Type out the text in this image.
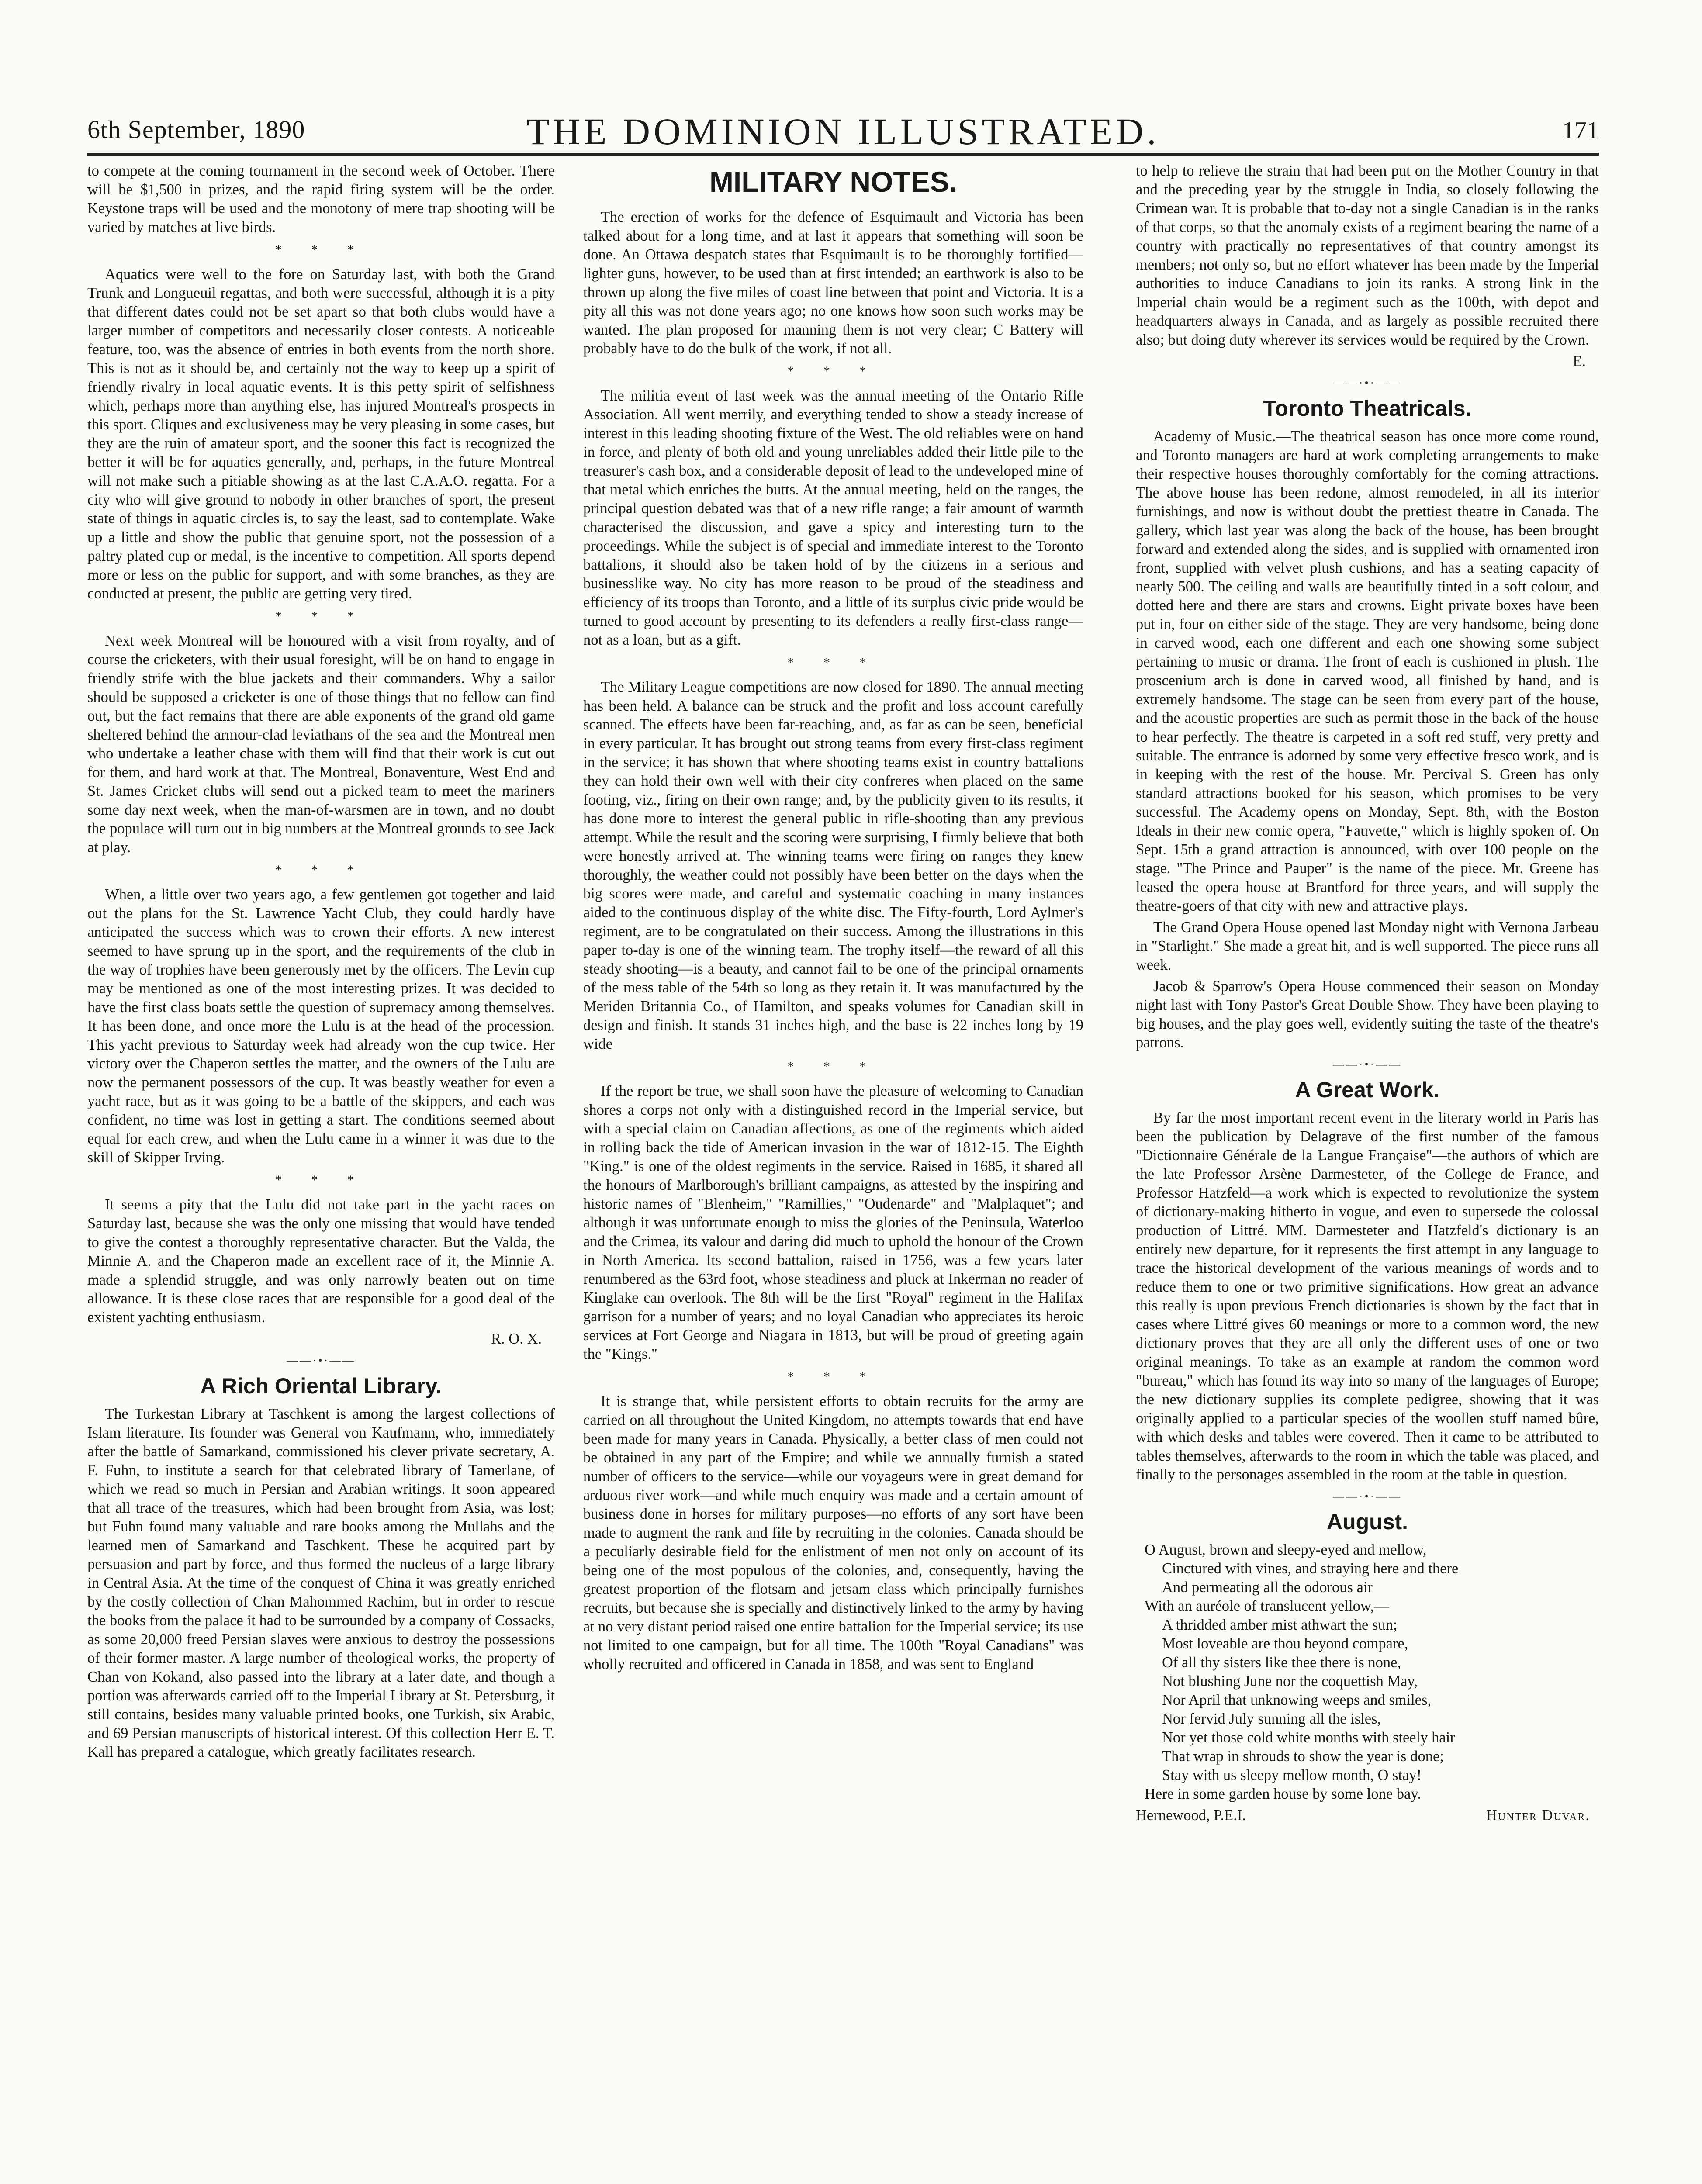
6th September, 1890	THE DOMINION ILLUSTRATED.	171

to compete at the coming tournament in the second week of October. There will be $1,500 in prizes, and the rapid firing system will be the order. Keystone traps will be used and the monotony of mere trap shooting will be varied by matches at live birds.

* * *

Aquatics were well to the fore on Saturday last, with both the Grand Trunk and Longueuil regattas, and both were successful, although it is a pity that different dates could not be set apart so that both clubs would have a larger number of competitors and necessarily closer contests. A noticeable feature, too, was the absence of entries in both events from the north shore. This is not as it should be, and certainly not the way to keep up a spirit of friendly rivalry in local aquatic events. It is this petty spirit of selfishness which, perhaps more than anything else, has injured Montreal's prospects in this sport. Cliques and exclusiveness may be very pleasing in some cases, but they are the ruin of amateur sport, and the sooner this fact is recognized the better it will be for aquatics generally, and, perhaps, in the future Montreal will not make such a pitiable showing as at the last C.A.A.O. regatta. For a city who will give ground to nobody in other branches of sport, the present state of things in aquatic circles is, to say the least, sad to contemplate. Wake up a little and show the public that genuine sport, not the possession of a paltry plated cup or medal, is the incentive to competition. All sports depend more or less on the public for support, and with some branches, as they are conducted at present, the public are getting very tired.

* * *

Next week Montreal will be honoured with a visit from royalty, and of course the cricketers, with their usual foresight, will be on hand to engage in friendly strife with the blue jackets and their commanders. Why a sailor should be supposed a cricketer is one of those things that no fellow can find out, but the fact remains that there are able exponents of the grand old game sheltered behind the armour-clad leviathans of the sea and the Montreal men who undertake a leather chase with them will find that their work is cut out for them, and hard work at that. The Montreal, Bonaventure, West End and St. James Cricket clubs will send out a picked team to meet the mariners some day next week, when the man-of-warsmen are in town, and no doubt the populace will turn out in big numbers at the Montreal grounds to see Jack at play.

* * *

When, a little over two years ago, a few gentlemen got together and laid out the plans for the St. Lawrence Yacht Club, they could hardly have anticipated the success which was to crown their efforts. A new interest seemed to have sprung up in the sport, and the requirements of the club in the way of trophies have been generously met by the officers. The Levin cup may be mentioned as one of the most interesting prizes. It was decided to have the first class boats settle the question of supremacy among themselves. It has been done, and once more the Lulu is at the head of the procession. This yacht previous to Saturday week had already won the cup twice. Her victory over the Chaperon settles the matter, and the owners of the Lulu are now the permanent possessors of the cup. It was beastly weather for even a yacht race, but as it was going to be a battle of the skippers, and each was confident, no time was lost in getting a start. The conditions seemed about equal for each crew, and when the Lulu came in a winner it was due to the skill of Skipper Irving.

* * *

It seems a pity that the Lulu did not take part in the yacht races on Saturday last, because she was the only one missing that would have tended to give the contest a thoroughly representative character. But the Valda, the Minnie A. and the Chaperon made an excellent race of it, the Minnie A. made a splendid struggle, and was only narrowly beaten out on time allowance. It is these close races that are responsible for a good deal of the existent yachting enthusiasm.

R. O. X.
——·•·——
A Rich Oriental Library.

The Turkestan Library at Taschkent is among the largest collections of Islam literature. Its founder was General von Kaufmann, who, immediately after the battle of Samarkand, commissioned his clever private secretary, A. F. Fuhn, to institute a search for that celebrated library of Tamerlane, of which we read so much in Persian and Arabian writings. It soon appeared that all trace of the treasures, which had been brought from Asia, was lost; but Fuhn found many valuable and rare books among the Mullahs and the learned men of Samarkand and Taschkent. These he acquired part by persuasion and part by force, and thus formed the nucleus of a large library in Central Asia. At the time of the conquest of China it was greatly enriched by the costly collection of Chan Mahommed Rachim, but in order to rescue the books from the palace it had to be surrounded by a company of Cossacks, as some 20,000 freed Persian slaves were anxious to destroy the possessions of their former master. A large number of theological works, the property of Chan von Kokand, also passed into the library at a later date, and though a portion was afterwards carried off to the Imperial Library at St. Petersburg, it still contains, besides many valuable printed books, one Turkish, six Arabic, and 69 Persian manuscripts of historical interest. Of this collection Herr E. T. Kall has prepared a catalogue, which greatly facilitates research.

MILITARY NOTES.

The erection of works for the defence of Esquimault and Victoria has been talked about for a long time, and at last it appears that something will soon be done. An Ottawa despatch states that Esquimault is to be thoroughly fortified—lighter guns, however, to be used than at first intended; an earthwork is also to be thrown up along the five miles of coast line between that point and Victoria. It is a pity all this was not done years ago; no one knows how soon such works may be wanted. The plan proposed for manning them is not very clear; C Battery will probably have to do the bulk of the work, if not all.

* * *

The militia event of last week was the annual meeting of the Ontario Rifle Association. All went merrily, and everything tended to show a steady increase of interest in this leading shooting fixture of the West. The old reliables were on hand in force, and plenty of both old and young unreliables added their little pile to the treasurer's cash box, and a considerable deposit of lead to the undeveloped mine of that metal which enriches the butts. At the annual meeting, held on the ranges, the principal question debated was that of a new rifle range; a fair amount of warmth characterised the discussion, and gave a spicy and interesting turn to the proceedings. While the subject is of special and immediate interest to the Toronto battalions, it should also be taken hold of by the citizens in a serious and businesslike way. No city has more reason to be proud of the steadiness and efficiency of its troops than Toronto, and a little of its surplus civic pride would be turned to good account by presenting to its defenders a really first-class range—not as a loan, but as a gift.

* * *

The Military League competitions are now closed for 1890. The annual meeting has been held. A balance can be struck and the profit and loss account carefully scanned. The effects have been far-reaching, and, as far as can be seen, beneficial in every particular. It has brought out strong teams from every first-class regiment in the service; it has shown that where shooting teams exist in country battalions they can hold their own well with their city confreres when placed on the same footing, viz., firing on their own range; and, by the publicity given to its results, it has done more to interest the general public in rifle-shooting than any previous attempt. While the result and the scoring were surprising, I firmly believe that both were honestly arrived at. The winning teams were firing on ranges they knew thoroughly, the weather could not possibly have been better on the days when the big scores were made, and careful and systematic coaching in many instances aided to the continuous display of the white disc. The Fifty-fourth, Lord Aylmer's regiment, are to be congratulated on their success. Among the illustrations in this paper to-day is one of the winning team. The trophy itself—the reward of all this steady shooting—is a beauty, and cannot fail to be one of the principal ornaments of the mess table of the 54th so long as they retain it. It was manufactured by the Meriden Britannia Co., of Hamilton, and speaks volumes for Canadian skill in design and finish. It stands 31 inches high, and the base is 22 inches long by 19 wide

* * *

If the report be true, we shall soon have the pleasure of welcoming to Canadian shores a corps not only with a distinguished record in the Imperial service, but with a special claim on Canadian affections, as one of the regiments which aided in rolling back the tide of American invasion in the war of 1812-15. The Eighth "King." is one of the oldest regiments in the service. Raised in 1685, it shared all the honours of Marlborough's brilliant campaigns, as attested by the inspiring and historic names of "Blenheim," "Ramillies," "Oudenarde" and "Malplaquet"; and although it was unfortunate enough to miss the glories of the Peninsula, Waterloo and the Crimea, its valour and daring did much to uphold the honour of the Crown in North America. Its second battalion, raised in 1756, was a few years later renumbered as the 63rd foot, whose steadiness and pluck at Inkerman no reader of Kinglake can overlook. The 8th will be the first "Royal" regiment in the Halifax garrison for a number of years; and no loyal Canadian who appreciates its heroic services at Fort George and Niagara in 1813, but will be proud of greeting again the "Kings."

* * *

It is strange that, while persistent efforts to obtain recruits for the army are carried on all throughout the United Kingdom, no attempts towards that end have been made for many years in Canada. Physically, a better class of men could not be obtained in any part of the Empire; and while we annually furnish a stated number of officers to the service—while our voyageurs were in great demand for arduous river work—and while much enquiry was made and a certain amount of business done in horses for military purposes—no efforts of any sort have been made to augment the rank and file by recruiting in the colonies. Canada should be a peculiarly desirable field for the enlistment of men not only on account of its being one of the most populous of the colonies, and, consequently, having the greatest proportion of the flotsam and jetsam class which principally furnishes recruits, but because she is specially and distinctively linked to the army by having at no very distant period raised one entire battalion for the Imperial service; its use not limited to one campaign, but for all time. The 100th "Royal Canadians" was wholly recruited and officered in Canada in 1858, and was sent to England

to help to relieve the strain that had been put on the Mother Country in that and the preceding year by the struggle in India, so closely following the Crimean war. It is probable that to-day not a single Canadian is in the ranks of that corps, so that the anomaly exists of a regiment bearing the name of a country with practically no representatives of that country amongst its members; not only so, but no effort whatever has been made by the Imperial authorities to induce Canadians to join its ranks. A strong link in the Imperial chain would be a regiment such as the 100th, with depot and headquarters always in Canada, and as largely as possible recruited there also; but doing duty wherever its services would be required by the Crown.

E.
——·•·——
Toronto Theatricals.

Academy of Music.—The theatrical season has once more come round, and Toronto managers are hard at work completing arrangements to make their respective houses thoroughly comfortably for the coming attractions. The above house has been redone, almost remodeled, in all its interior furnishings, and now is without doubt the prettiest theatre in Canada. The gallery, which last year was along the back of the house, has been brought forward and extended along the sides, and is supplied with ornamented iron front, supplied with velvet plush cushions, and has a seating capacity of nearly 500. The ceiling and walls are beautifully tinted in a soft colour, and dotted here and there are stars and crowns. Eight private boxes have been put in, four on either side of the stage. They are very handsome, being done in carved wood, each one different and each one showing some subject pertaining to music or drama. The front of each is cushioned in plush. The proscenium arch is done in carved wood, all finished by hand, and is extremely handsome. The stage can be seen from every part of the house, and the acoustic properties are such as permit those in the back of the house to hear perfectly. The theatre is carpeted in a soft red stuff, very pretty and suitable. The entrance is adorned by some very effective fresco work, and is in keeping with the rest of the house. Mr. Percival S. Green has only standard attractions booked for his season, which promises to be very successful. The Academy opens on Monday, Sept. 8th, with the Boston Ideals in their new comic opera, "Fauvette," which is highly spoken of. On Sept. 15th a grand attraction is announced, with over 100 people on the stage. "The Prince and Pauper" is the name of the piece. Mr. Greene has leased the opera house at Brantford for three years, and will supply the theatre-goers of that city with new and attractive plays.

The Grand Opera House opened last Monday night with Vernona Jarbeau in "Starlight." She made a great hit, and is well supported. The piece runs all week.

Jacob & Sparrow's Opera House commenced their season on Monday night last with Tony Pastor's Great Double Show. They have been playing to big houses, and the play goes well, evidently suiting the taste of the theatre's patrons.

——·•·——
A Great Work.

By far the most important recent event in the literary world in Paris has been the publication by Delagrave of the first number of the famous "Dictionnaire Générale de la Langue Française"—the authors of which are the late Professor Arsène Darmesteter, of the College de France, and Professor Hatzfeld—a work which is expected to revolutionize the system of dictionary-making hitherto in vogue, and even to supersede the colossal production of Littré. MM. Darmesteter and Hatzfeld's dictionary is an entirely new departure, for it represents the first attempt in any language to trace the historical development of the various meanings of words and to reduce them to one or two primitive significations. How great an advance this really is upon previous French dictionaries is shown by the fact that in cases where Littré gives 60 meanings or more to a common word, the new dictionary proves that they are all only the different uses of one or two original meanings. To take as an example at random the common word "bureau," which has found its way into so many of the languages of Europe; the new dictionary supplies its complete pedigree, showing that it was originally applied to a particular species of the woollen stuff named bûre, with which desks and tables were covered. Then it came to be attributed to tables themselves, afterwards to the room in which the table was placed, and finally to the personages assembled in the room at the table in question.

——·•·——
August.
O August, brown and sleepy-eyed and mellow,
Cinctured with vines, and straying here and there
And permeating all the odorous air
With an auréole of translucent yellow,—
A thridded amber mist athwart the sun;
Most loveable are thou beyond compare,
Of all thy sisters like thee there is none,
Not blushing June nor the coquettish May,
Nor April that unknowing weeps and smiles,
Nor fervid July sunning all the isles,
Nor yet those cold white months with steely hair
That wrap in shrouds to show the year is done;
Stay with us sleepy mellow month, O stay!
Here in some garden house by some lone bay.
Hernewood, P.E.I.	Hunter Duvar.
